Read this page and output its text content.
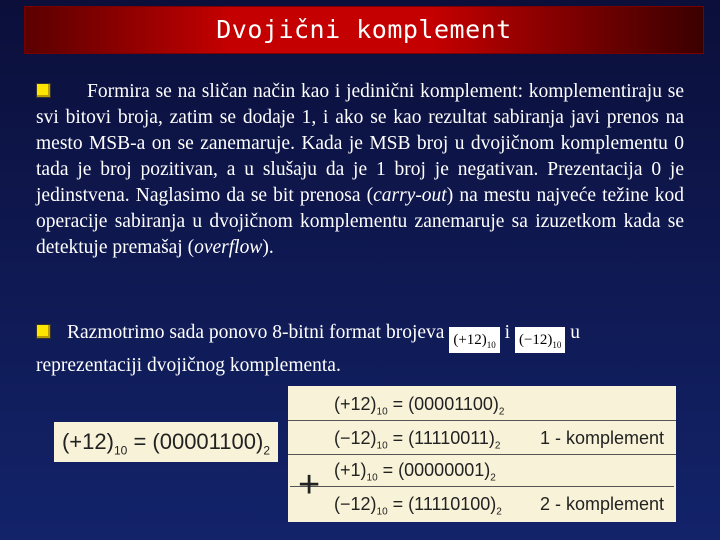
Dvojični komplement
Formira se na sličan način kao i jedinični komplement: komplementiraju se svi bitovi broja, zatim se dodaje 1, i ako se kao rezultat sabiranja javi prenos na mesto MSB-a on se zanemaruje. Kada je MSB broj u dvojičnom komplementu 0 tada je broj pozitivan, a u slušaju da je 1 broj je negativan. Prezentacija 0 je jedinstvena. Naglasimo da se bit prenosa (carry-out) na mestu najveće težine kod operacije sabiranja u dvojičnom komplementu zanemaruje sa izuzetkom kada se detektuje premašaj (overflow).
Razmotrimo sada ponovo 8-bitni format brojeva $(+12)_{10}$ i $(-12)_{10}$ u
reprezentaciji dvojičnog komplementa.
$(+12)_{10} = (00001100)_2$
$(+12)_{10} = (00001100)_2$
$(-12)_{10} = (11110011)_2$ 1 - komplement
$(+1)_{10} = (00000001)_2$
$(-12)_{10} = (11110100)_2$ 2 - komplement
+
